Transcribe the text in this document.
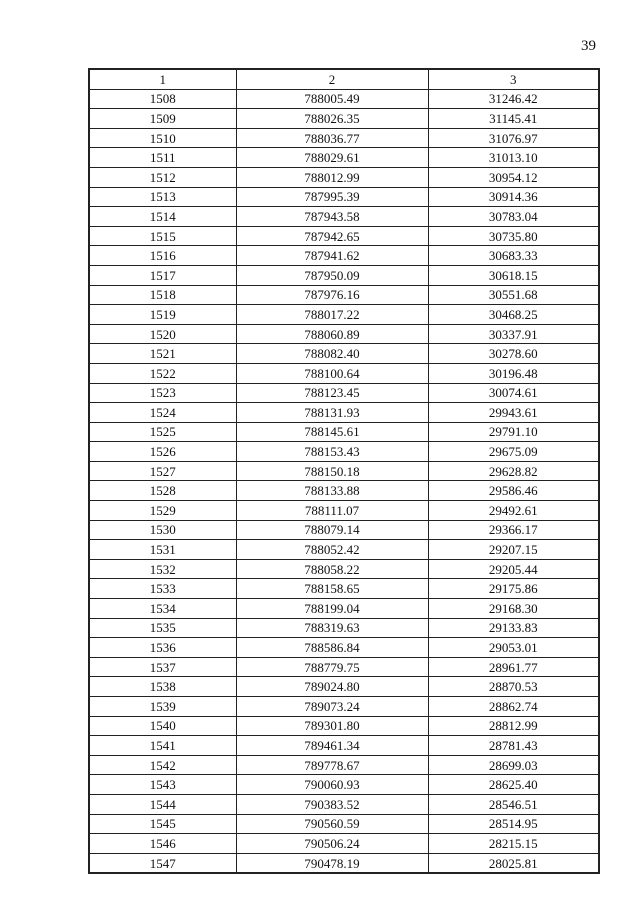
39
1	2	3
1508	788005.49	31246.42
1509	788026.35	31145.41
1510	788036.77	31076.97
1511	788029.61	31013.10
1512	788012.99	30954.12
1513	787995.39	30914.36
1514	787943.58	30783.04
1515	787942.65	30735.80
1516	787941.62	30683.33
1517	787950.09	30618.15
1518	787976.16	30551.68
1519	788017.22	30468.25
1520	788060.89	30337.91
1521	788082.40	30278.60
1522	788100.64	30196.48
1523	788123.45	30074.61
1524	788131.93	29943.61
1525	788145.61	29791.10
1526	788153.43	29675.09
1527	788150.18	29628.82
1528	788133.88	29586.46
1529	788111.07	29492.61
1530	788079.14	29366.17
1531	788052.42	29207.15
1532	788058.22	29205.44
1533	788158.65	29175.86
1534	788199.04	29168.30
1535	788319.63	29133.83
1536	788586.84	29053.01
1537	788779.75	28961.77
1538	789024.80	28870.53
1539	789073.24	28862.74
1540	789301.80	28812.99
1541	789461.34	28781.43
1542	789778.67	28699.03
1543	790060.93	28625.40
1544	790383.52	28546.51
1545	790560.59	28514.95
1546	790506.24	28215.15
1547	790478.19	28025.81
